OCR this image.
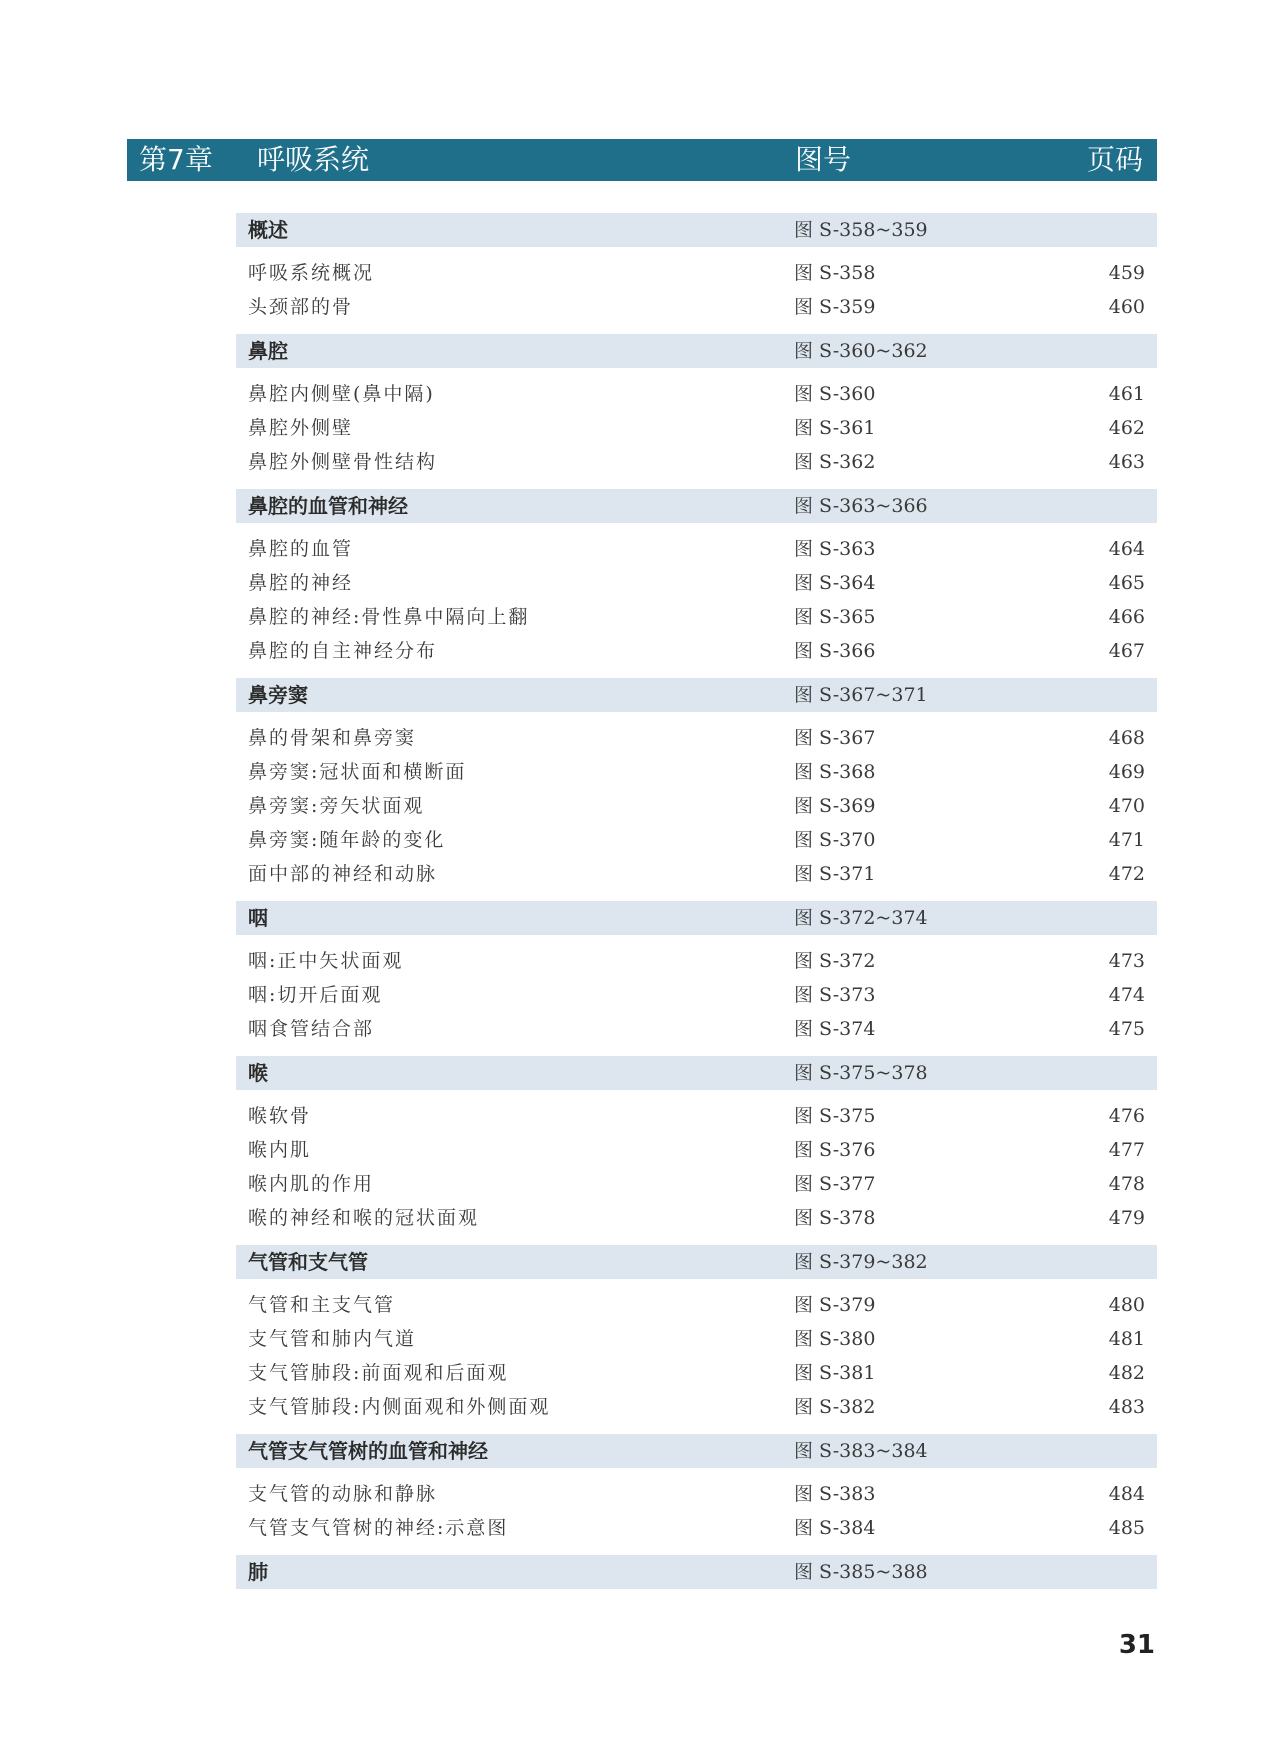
第7章 呼吸系统	图号	页码
概述	图 S-358~359
呼吸系统概况	图 S-358	459
头颈部的骨	图 S-359	460
鼻腔	图 S-360~362
鼻腔内侧壁(鼻中隔)	图 S-360	461
鼻腔外侧壁	图 S-361	462
鼻腔外侧壁骨性结构	图 S-362	463
鼻腔的血管和神经	图 S-363~366
鼻腔的血管	图 S-363	464
鼻腔的神经	图 S-364	465
鼻腔的神经:骨性鼻中隔向上翻	图 S-365	466
鼻腔的自主神经分布	图 S-366	467
鼻旁窦	图 S-367~371
鼻的骨架和鼻旁窦	图 S-367	468
鼻旁窦:冠状面和横断面	图 S-368	469
鼻旁窦:旁矢状面观	图 S-369	470
鼻旁窦:随年龄的变化	图 S-370	471
面中部的神经和动脉	图 S-371	472
咽	图 S-372~374
咽:正中矢状面观	图 S-372	473
咽:切开后面观	图 S-373	474
咽食管结合部	图 S-374	475
喉	图 S-375~378
喉软骨	图 S-375	476
喉内肌	图 S-376	477
喉内肌的作用	图 S-377	478
喉的神经和喉的冠状面观	图 S-378	479
气管和支气管	图 S-379~382
气管和主支气管	图 S-379	480
支气管和肺内气道	图 S-380	481
支气管肺段:前面观和后面观	图 S-381	482
支气管肺段:内侧面观和外侧面观	图 S-382	483
气管支气管树的血管和神经	图 S-383~384
支气管的动脉和静脉	图 S-383	484
气管支气管树的神经:示意图	图 S-384	485
肺	图 S-385~388
31
